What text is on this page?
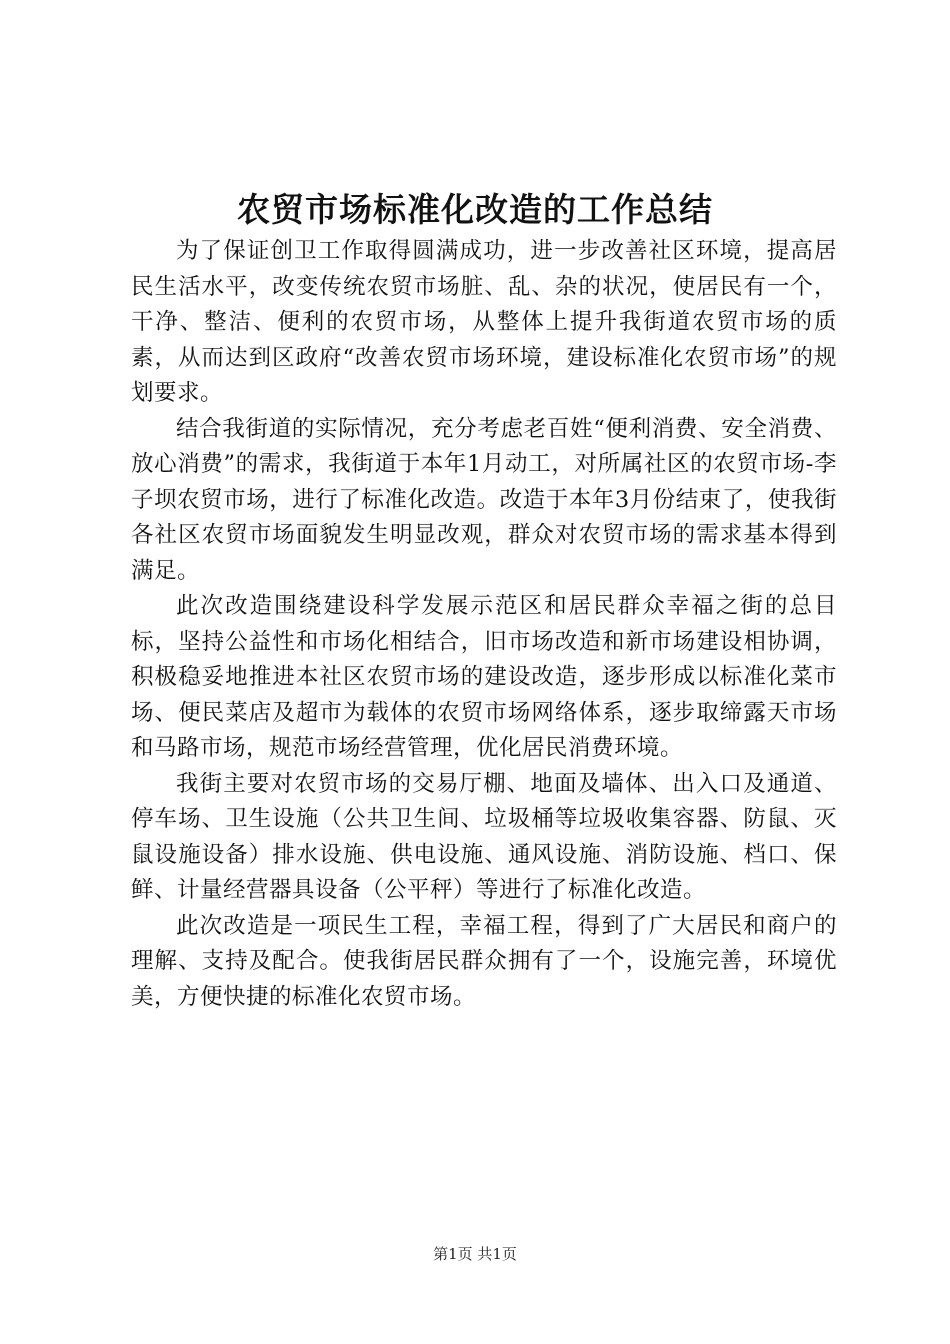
农贸市场标准化改造的工作总结

为了保证创卫工作取得圆满成功，进一步改善社区环境，提高居民生活水平，改变传统农贸市场脏、乱、杂的状况，使居民有一个，干净、整洁、便利的农贸市场，从整体上提升我街道农贸市场的质素，从而达到区政府“改善农贸市场环境，建设标准化农贸市场”的规划要求。

结合我街道的实际情况，充分考虑老百姓“便利消费、安全消费、放心消费”的需求，我街道于本年1月动工，对所属社区的农贸市场-李子坝农贸市场，进行了标准化改造。改造于本年3月份结束了，使我街各社区农贸市场面貌发生明显改观，群众对农贸市场的需求基本得到满足。

此次改造围绕建设科学发展示范区和居民群众幸福之街的总目标，坚持公益性和市场化相结合，旧市场改造和新市场建设相协调，积极稳妥地推进本社区农贸市场的建设改造，逐步形成以标准化菜市场、便民菜店及超市为载体的农贸市场网络体系，逐步取缔露天市场和马路市场，规范市场经营管理，优化居民消费环境。

我街主要对农贸市场的交易厅棚、地面及墙体、出入口及通道、停车场、卫生设施（公共卫生间、垃圾桶等垃圾收集容器、防鼠、灭鼠设施设备）排水设施、供电设施、通风设施、消防设施、档口、保鲜、计量经营器具设备（公平秤）等进行了标准化改造。

此次改造是一项民生工程，幸福工程，得到了广大居民和商户的理解、支持及配合。使我街居民群众拥有了一个，设施完善，环境优美，方便快捷的标准化农贸市场。

第1页 共1页
